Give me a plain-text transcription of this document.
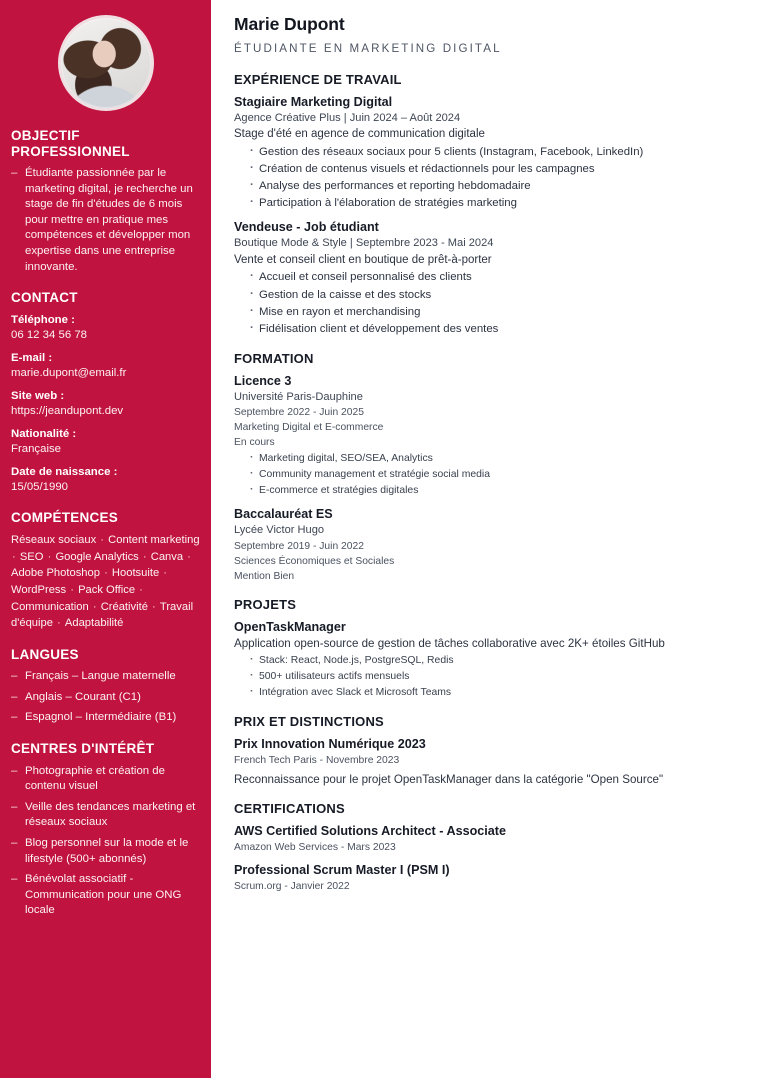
OBJECTIF PROFESSIONNEL

– Étudiante passionnée par le marketing digital, je recherche un stage de fin d'études de 6 mois pour mettre en pratique mes compétences et développer mon expertise dans une entreprise innovante.

CONTACT
Téléphone :
06 12 34 56 78
E-mail :
marie.dupont@email.fr
Site web :
https://jeandupont.dev
Nationalité :
Française
Date de naissance :
15/05/1990
COMPÉTENCES

Réseaux sociaux · Content marketing · SEO · Google Analytics · Canva · Adobe Photoshop · Hootsuite · WordPress · Pack Office · Communication · Créativité · Travail d'équipe · Adaptabilité

LANGUES
– Français – Langue maternelle
– Anglais – Courant (C1)
– Espagnol – Intermédiaire (B1)
CENTRES D'INTÉRÊT
– Photographie et création de contenu visuel
– Veille des tendances marketing et réseaux sociaux
– Blog personnel sur la mode et le lifestyle (500+ abonnés)
– Bénévolat associatif - Communication pour une ONG locale
Marie Dupont
ÉTUDIANTE EN MARKETING DIGITAL
EXPÉRIENCE DE TRAVAIL
Stagiaire Marketing Digital
Agence Créative Plus | Juin 2024 – Août 2024
Stage d'été en agence de communication digitale
· Gestion des réseaux sociaux pour 5 clients (Instagram, Facebook, LinkedIn)
· Création de contenus visuels et rédactionnels pour les campagnes
· Analyse des performances et reporting hebdomadaire
· Participation à l'élaboration de stratégies marketing
Vendeuse - Job étudiant
Boutique Mode & Style | Septembre 2023 - Mai 2024
Vente et conseil client en boutique de prêt-à-porter
· Accueil et conseil personnalisé des clients
· Gestion de la caisse et des stocks
· Mise en rayon et merchandising
· Fidélisation client et développement des ventes
FORMATION
Licence 3
Université Paris-Dauphine
Septembre 2022 - Juin 2025
Marketing Digital et E-commerce
En cours
· Marketing digital, SEO/SEA, Analytics
· Community management et stratégie social media
· E-commerce et stratégies digitales
Baccalauréat ES
Lycée Victor Hugo
Septembre 2019 - Juin 2022
Sciences Économiques et Sociales
Mention Bien
PROJETS
OpenTaskManager
Application open-source de gestion de tâches collaborative avec 2K+ étoiles GitHub
· Stack: React, Node.js, PostgreSQL, Redis
· 500+ utilisateurs actifs mensuels
· Intégration avec Slack et Microsoft Teams
PRIX ET DISTINCTIONS
Prix Innovation Numérique 2023
French Tech Paris - Novembre 2023
Reconnaissance pour le projet OpenTaskManager dans la catégorie "Open Source"
CERTIFICATIONS
AWS Certified Solutions Architect - Associate
Amazon Web Services - Mars 2023
Professional Scrum Master I (PSM I)
Scrum.org - Janvier 2022
